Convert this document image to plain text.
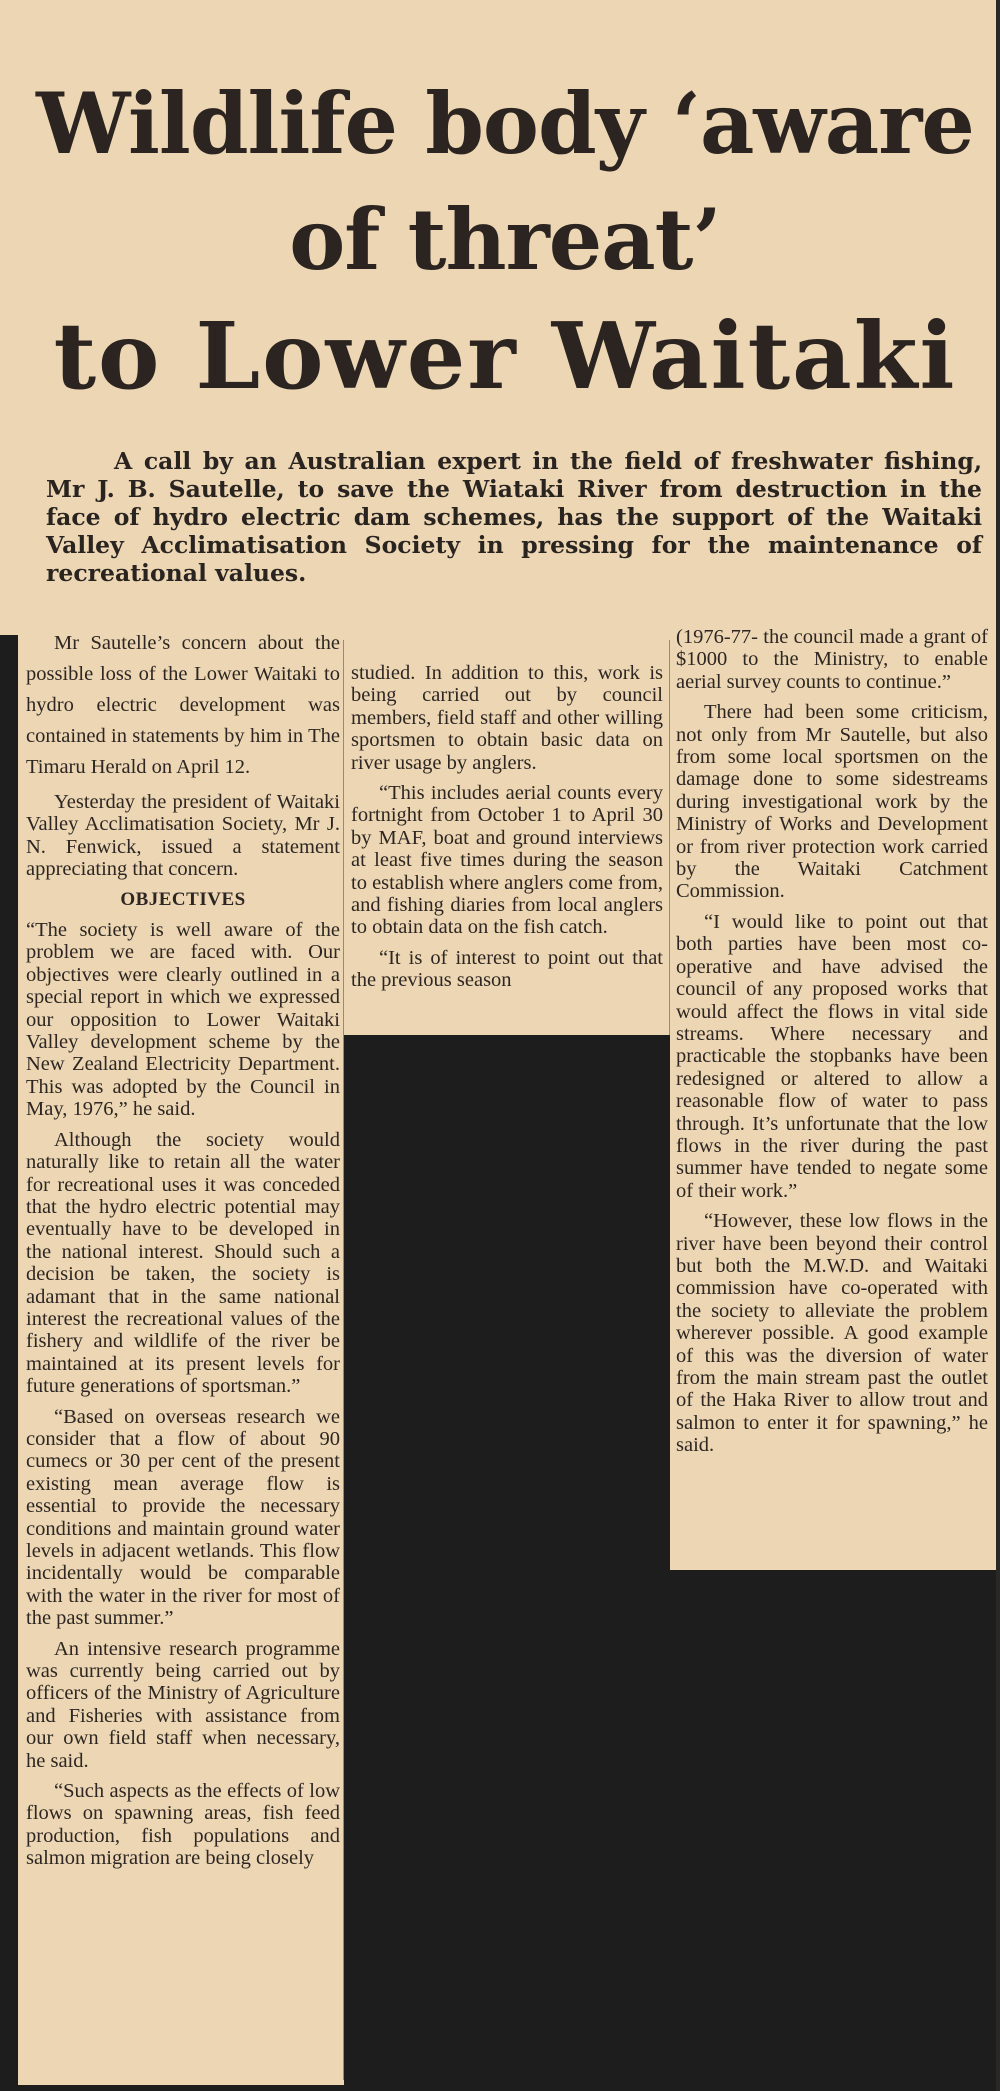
Wildlife body ‘aware
of threat’
to Lower Waitaki
A call by an Australian expert in the field of freshwater fishing, Mr J. B. Sautelle, to save the Wiataki River from destruction in the face of hydro electric dam schemes, has the support of the Waitaki Valley Acclimatisation Society in pressing for the maintenance of recreational values.

Mr Sautelle’s concern about the possible loss of the Lower Waitaki to hydro electric development was contained in statements by him in The Timaru Herald on April 12.

Yesterday the president of Waitaki Valley Acclimatisation Society, Mr J. N. Fenwick, issued a statement appreciating that concern.

OBJECTIVES

“The society is well aware of the problem we are faced with. Our objectives were clearly outlined in a special report in which we expressed our opposition to Lower Waitaki Valley development scheme by the New Zealand Electricity Department. This was adopted by the Council in May, 1976,” he said.

Although the society would naturally like to retain all the water for recreational uses it was conceded that the hydro electric potential may eventually have to be developed in the national interest. Should such a decision be taken, the society is adamant that in the same national interest the recreational values of the fishery and wildlife of the river be maintained at its present levels for future generations of sportsman.”

“Based on overseas research we consider that a flow of about 90 cumecs or 30 per cent of the present existing mean average flow is essential to provide the necessary conditions and maintain ground water levels in adjacent wetlands. This flow incidentally would be comparable with the water in the river for most of the past summer.”

An intensive research programme was currently being carried out by officers of the Ministry of Agriculture and Fisheries with assistance from our own field staff when necessary, he said.

“Such aspects as the effects of low flows on spawning areas, fish feed production, fish populations and salmon migration are being closely

studied. In addition to this, work is being carried out by council members, field staff and other willing sportsmen to obtain basic data on river usage by anglers.

“This includes aerial counts every fortnight from October 1 to April 30 by MAF, boat and ground interviews at least five times during the season to establish where anglers come from, and fishing diaries from local anglers to obtain data on the fish catch.

“It is of interest to point out that the previous season

(1976-77- the council made a grant of $1000 to the Ministry, to enable aerial survey counts to continue.”

There had been some criticism, not only from Mr Sautelle, but also from some local sportsmen on the damage done to some sidestreams during investigational work by the Ministry of Works and Development or from river protection work carried by the Waitaki Catchment Commission.

“I would like to point out that both parties have been most co-operative and have advised the council of any proposed works that would affect the flows in vital side streams. Where necessary and practicable the stopbanks have been redesigned or altered to allow a reasonable flow of water to pass through. It’s unfortunate that the low flows in the river during the past summer have tended to negate some of their work.”

“However, these low flows in the river have been beyond their control but both the M.W.D. and Waitaki commission have co-operated with the society to alleviate the problem wherever possible. A good example of this was the diversion of water from the main stream past the outlet of the Haka River to allow trout and salmon to enter it for spawning,” he said.
